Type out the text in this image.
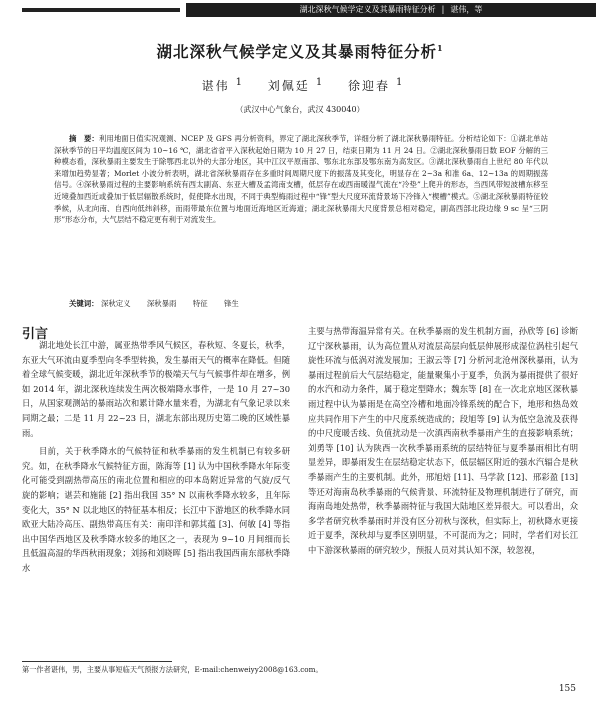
湖北深秋气候学定义及其暴雨特征分析 | 谌伟，等
湖北深秋气候学定义及其暴雨特征分析$^1$
谌伟 $^1$ 刘佩廷 $^1$ 徐迎春 $^1$
（武汉中心气象台，武汉 430040）
摘　要：利用地面日值实况观测、NCEP 及 GFS 再分析资料，界定了湖北深秋季节，详细分析了湖北深秋暴雨特征。分析结论如下：①湖北单站深秋季节的日平均温度区间为 10~16 ℃，湖北省省平入深秋起始日期为 10 月 27 日，结束日期为 11 月 24 日。②湖北深秋暴雨日数 EOF 分解的三种模态看，深秋暴雨主要发生于除鄂西北以外的大部分地区，其中江汉平原南部、鄂东北东部及鄂东南为高发区。③湖北深秋暴雨自上世纪 80 年代以来增加趋势显著；Morlet 小波分析表明，湖北省深秋暴雨存在多重时间周期尺度下的振荡及其变化，明显存在 2~3a 和准 6a、12~13a 的周期振荡信号。④深秋暴雨过程的主要影响系统有西太副高、东亚大槽及孟湾南支槽，低层存在或西南暖湿气流在“冷垫”上爬升的形态，当西风带短波槽东移至近境叠加西近或叠加于低层辐散系统时，促使降水出现，不同于典型梅雨过程中“锋”型大尺度环流背景场下冷锋入“楔槽”模式。⑤湖北深秋暴雨特征较季候，从北向南、自西向低纬斜移，而雨带最东位置与地面近海地区近海道；湖北深秋暴雨大尺度背景总相对稳定，副高西部北段边缘 9 sc 呈“三阴形”形态分布，大气层结不稳定更有利于对流发生。
关键词： 深秋定义 深秋暴雨 特征 锋生
引言

湖北地处长江中游，属亚热带季风气候区，春秋短、冬夏长，秋季，东亚大气环流由夏季型向冬季型转换，发生暴雨天气的概率在降低。但随着全球气候变暖，湖北近年深秋季节的极端天气与气候事件却在增多，例如 2014 年，湖北深秋连续发生两次极端降水事件，一是 10 月 27~30 日，从国家观测站的暴雨站次和累计降水量来看，为湖北有气象记录以来同期之最；二是 11 月 22~23 日，湖北东部出现历史第二晚的区域性暴雨。

目前，关于秋季降水的气候特征和秋季暴雨的发生机制已有较多研究。如，在秋季降水气候特征方面，陈海等 [1] 认为中国秋季降水年际变化可能受到副热带高压的南北位置和相应的印本岛附近异常的气旋/反气旋的影响；谌芸和施能 [2] 指出我国 35° N 以南秋季降水较多，且年际变化大，35° N 以北地区的特征基本相反；长江中下游地区的秋季降水同欧亚大陆冷高压、副热带高压有关：南印洋和郭其蕴 [3]、何敏 [4] 等指出中国华西地区及秋季降水较多的地区之一，表现为 9~10 月间细而长且低温高湿的华西秋雨现象；刘扬和刘晓晖 [5] 指出我国西南东部秋季降水

主要与热带海温异常有关。在秋季暴雨的发生机制方面，孙欣等 [6] 诊断辽宁深秋暴雨，认为高位置从对流层高层向低层伸展形成湿位涡柱引起气旋性环流与低涡对流发展加；王淑云等 [7] 分析河北沧州深秋暴雨，认为暴雨过程前后大气层结稳定，能量聚集小于夏季，负涡为暴雨提供了很好的水汽和动力条件，属于稳定型降水；魏东等 [8] 在一次北京地区深秋暴雨过程中认为暴雨是在高空冷槽和地面冷锋系统的配合下，地形和热岛效应共同作用下产生的中尺度系统造成的；段旭等 [9] 认为低空急流及获得的中尺度暖舌线、负值扰动是一次滇西南秋季暴雨产生的直接影响系统；刘勇等 [10] 认为陕西一次秋季暴雨系统的层结特征与夏季暴雨相比有明显差异，即暴雨发生在层结稳定状态下，低层辐区附近的强水汽辐合是秋季暴雨产生的主要机制。此外，邢旭焙 [11]、马学款 [12]、邢彩盈 [13] 等还对海南岛秋季暴雨的气候背景、环流特征及物理机制进行了研究，而海南岛地处热带，秋季暴雨特征与我国大陆地区差异很大。可以看出，众多学者研究秋季暴雨时并没有区分初秋与深秋，但实际上，初秋降水更接近于夏季，深秋却与夏季区别明显，不可混而为之；同时，学者们对长江中下游深秋暴雨的研究较少，预报人员对其认知不深，较忽视，

第一作者谌伟，男，主要从事短临天气预报方法研究，E-mail:chenweiyy2008@163.com。
155
